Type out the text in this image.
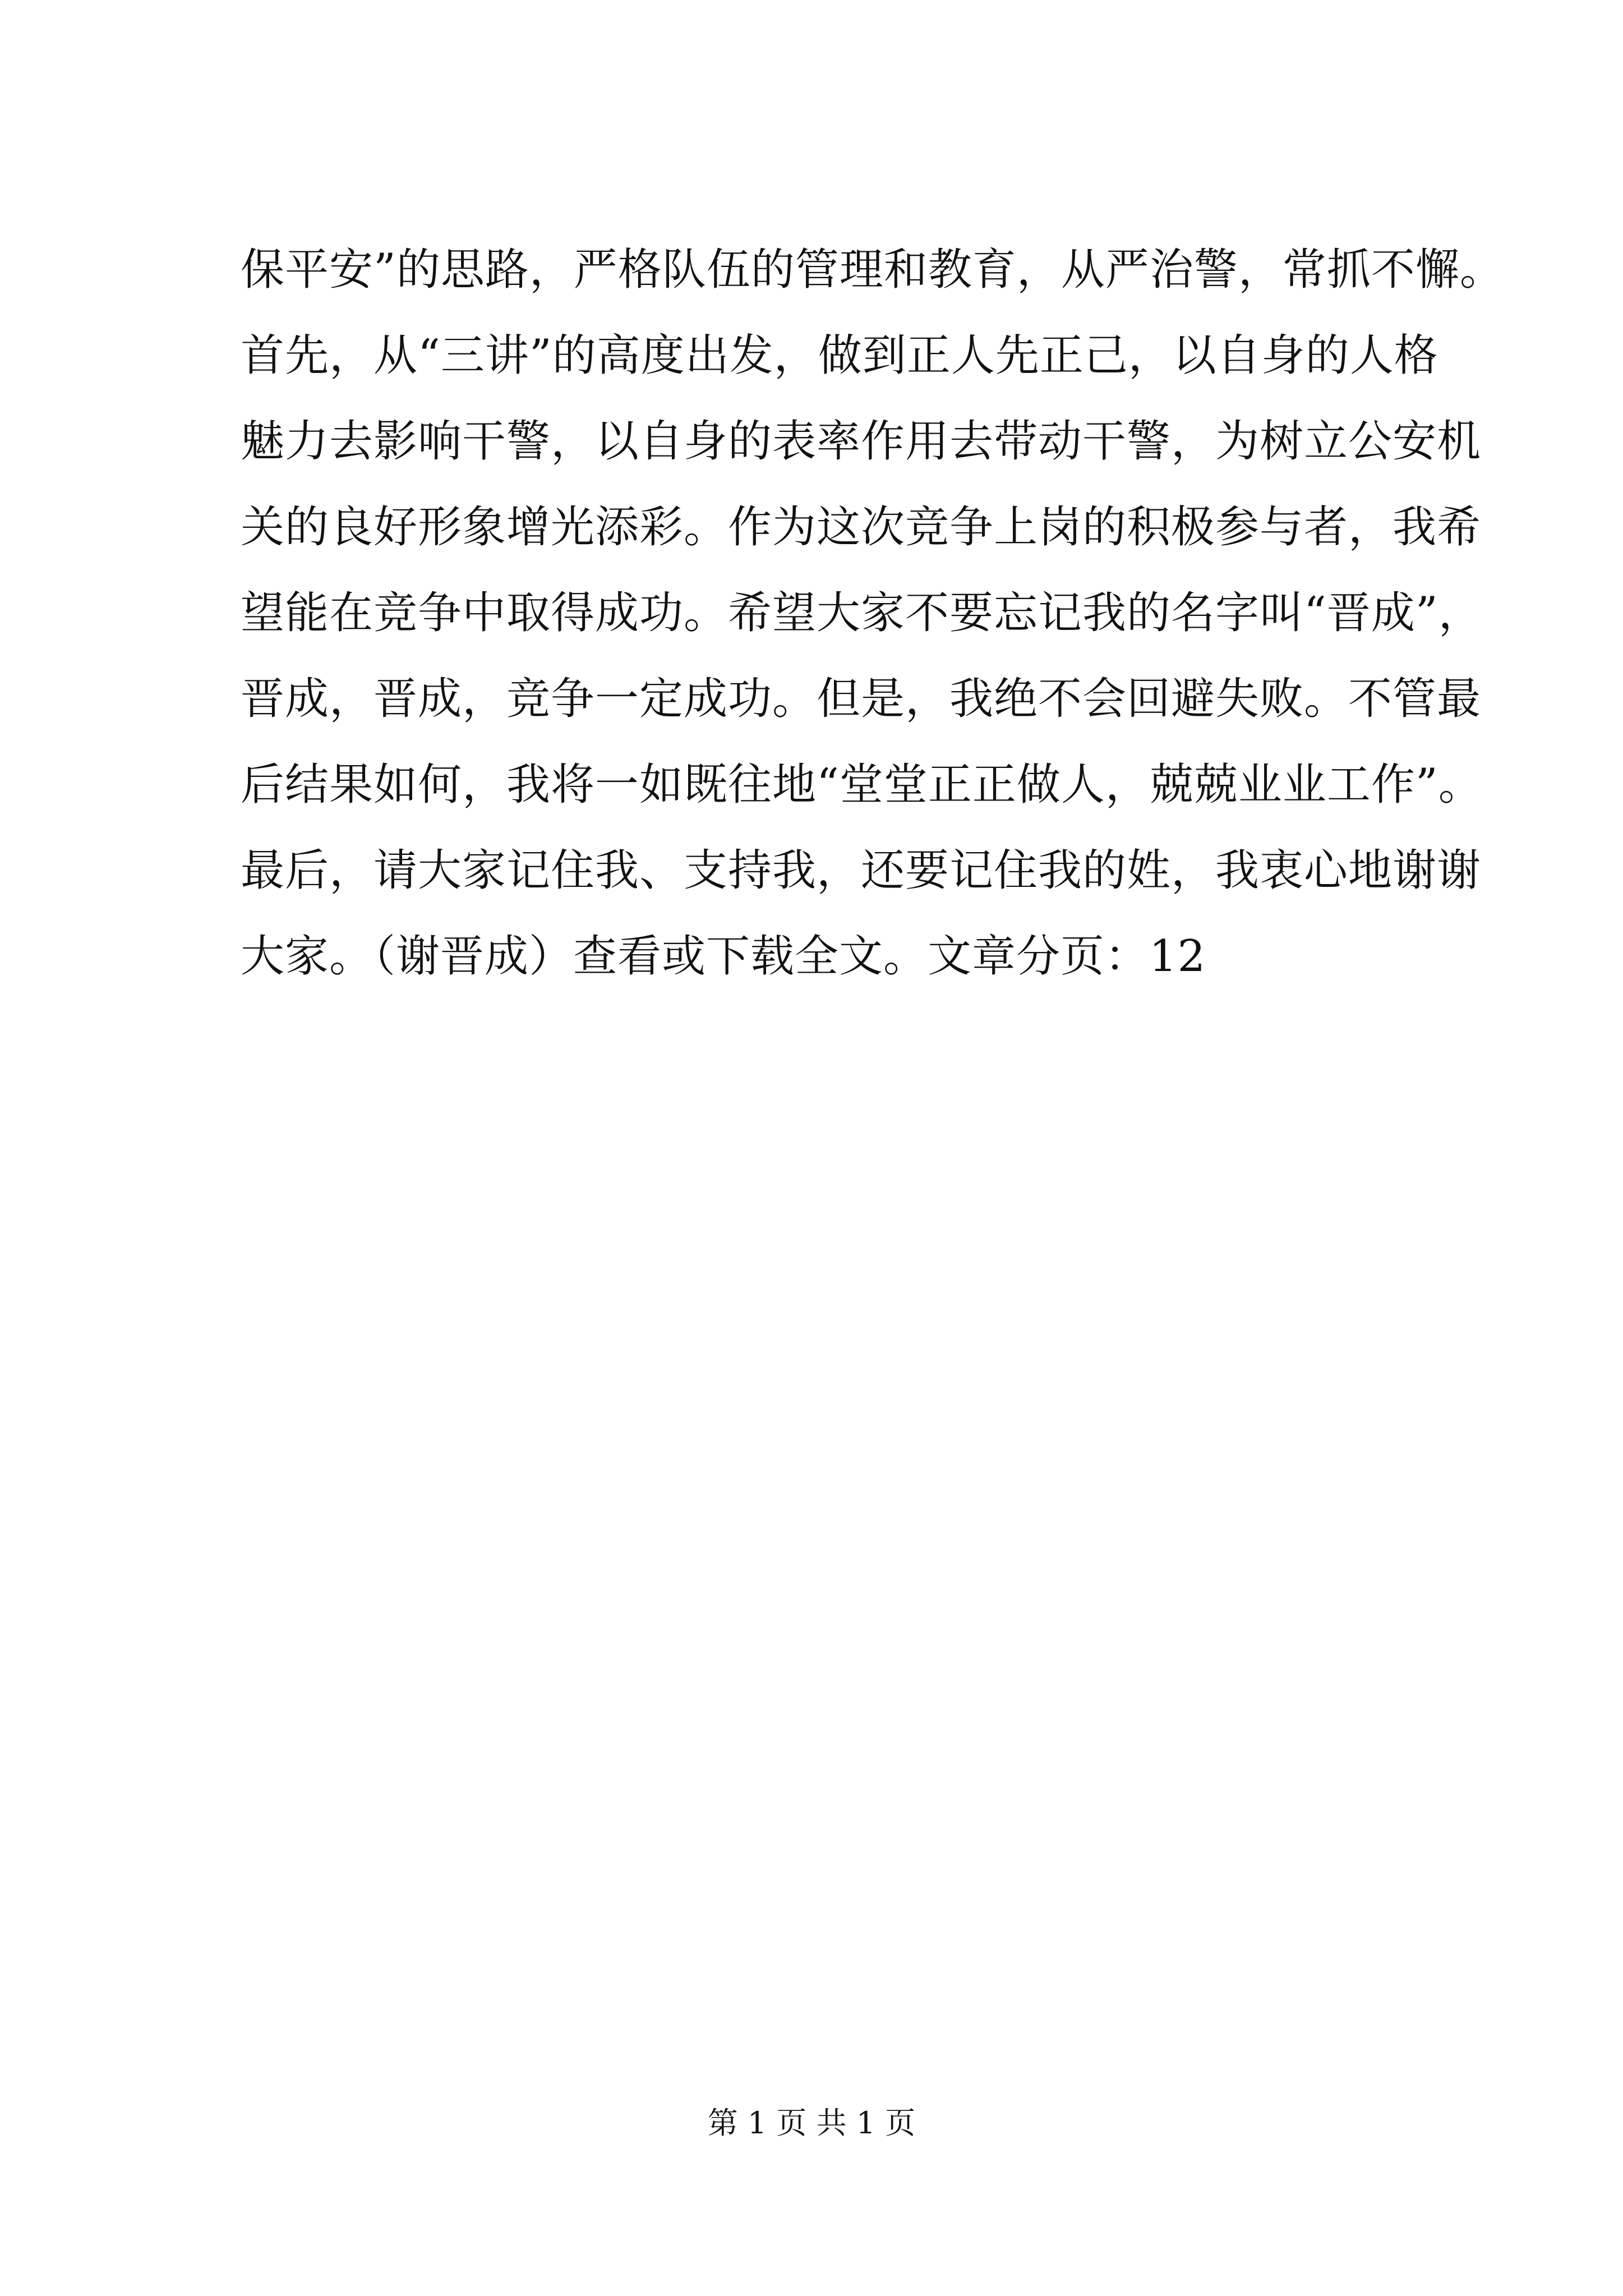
保平安”的思路，严格队伍的管理和教育，从严治警，常抓不懈。
首先，从“三讲”的高度出发，做到正人先正己，以自身的人格
魅力去影响干警，以自身的表率作用去带动干警，为树立公安机
关的良好形象增光添彩。作为这次竞争上岗的积极参与者，我希
望能在竞争中取得成功。希望大家不要忘记我的名字叫“晋成”，
晋成，晋成，竞争一定成功。但是，我绝不会回避失败。不管最
后结果如何，我将一如既往地“堂堂正正做人，兢兢业业工作”。
最后，请大家记住我、支持我，还要记住我的姓，我衷心地谢谢
大家。（谢晋成）查看或下载全文。文章分页：12
第 1 页 共 1 页
